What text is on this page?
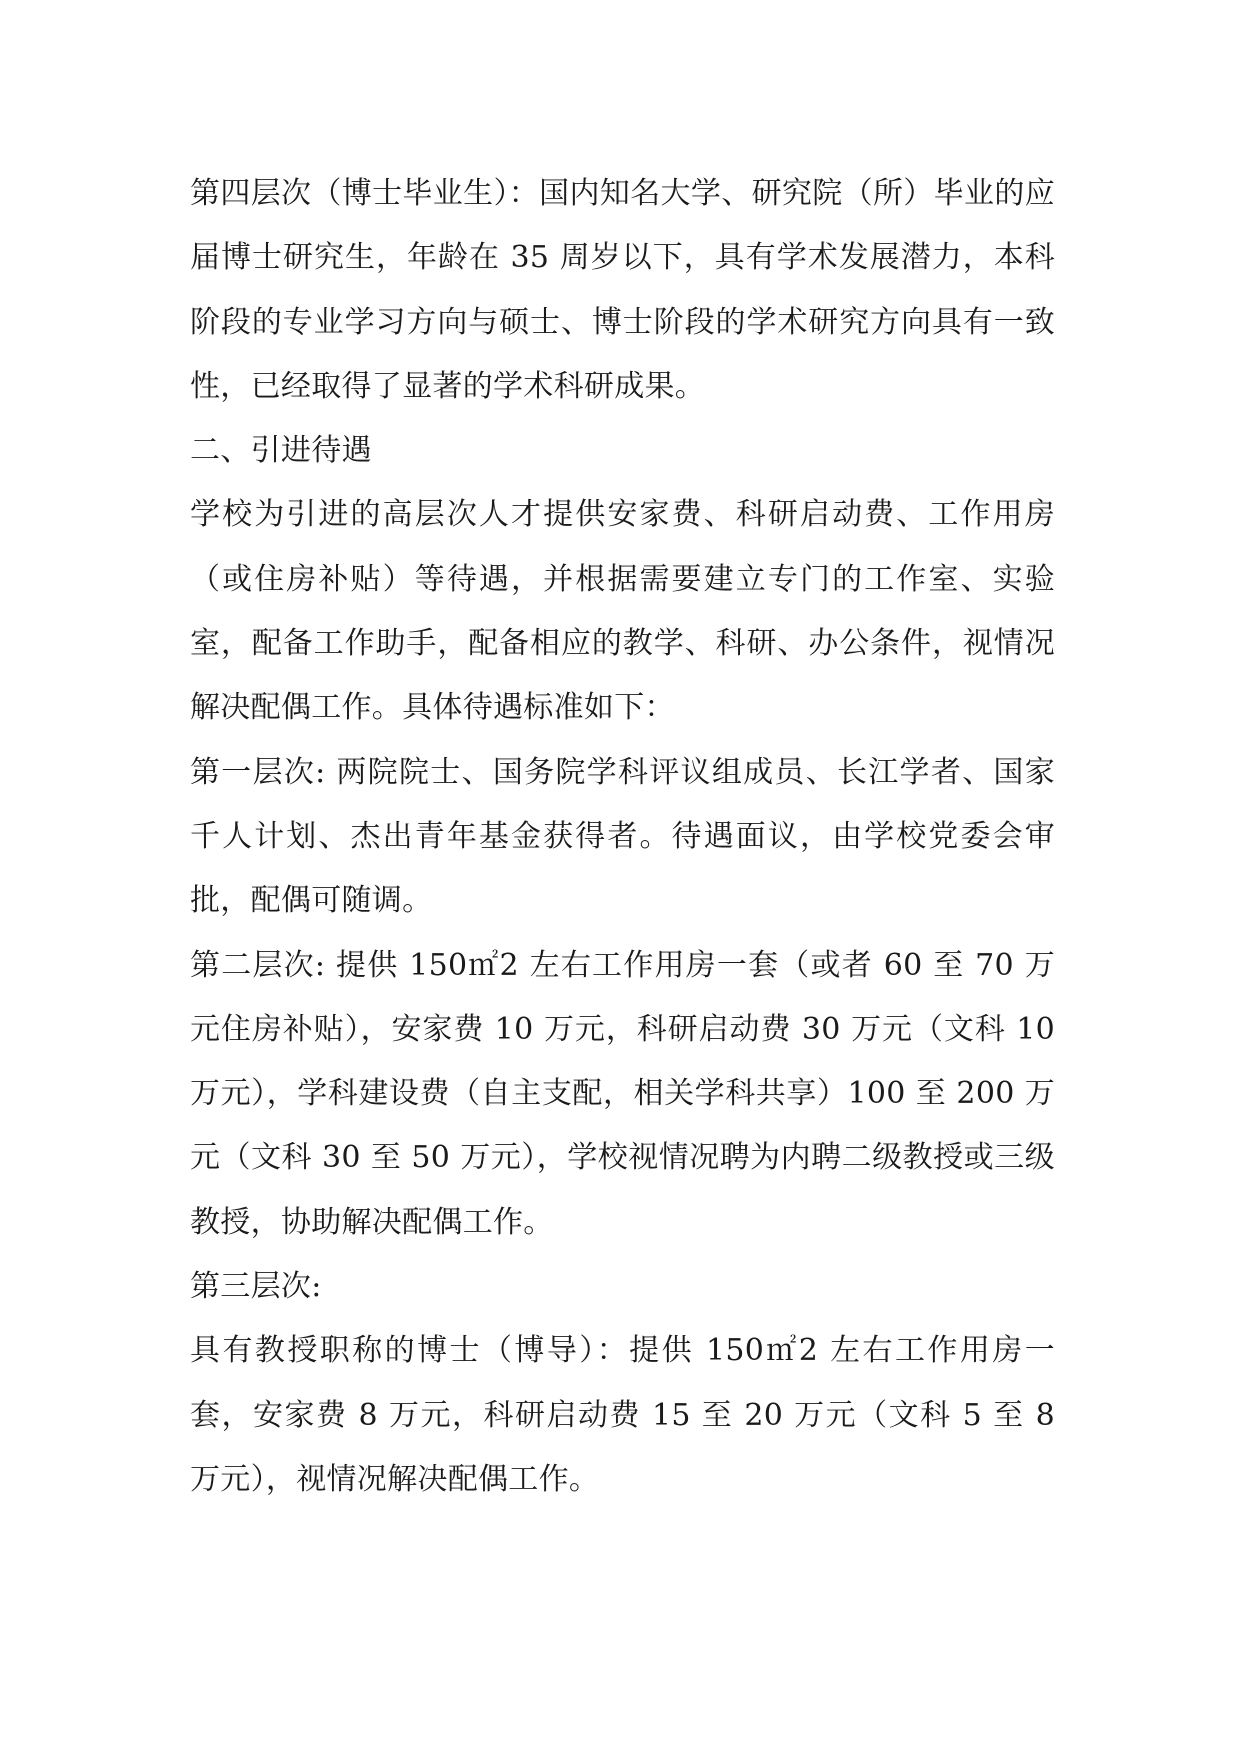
第四层次（博士毕业生）：国内知名大学、研究院（所）毕业的应届博士研究生，年龄在 35 周岁以下，具有学术发展潜力，本科阶段的专业学习方向与硕士、博士阶段的学术研究方向具有一致性，已经取得了显著的学术科研成果。

二、引进待遇

学校为引进的高层次人才提供安家费、科研启动费、工作用房（或住房补贴）等待遇，并根据需要建立专门的工作室、实验室，配备工作助手，配备相应的教学、科研、办公条件，视情况解决配偶工作。具体待遇标准如下：

第一层次: 两院院士、国务院学科评议组成员、长江学者、国家千人计划、杰出青年基金获得者。待遇面议，由学校党委会审批，配偶可随调。

第二层次: 提供 150㎡2 左右工作用房一套（或者 60 至 70 万元住房补贴），安家费 10 万元，科研启动费 30 万元（文科 10 万元），学科建设费（自主支配，相关学科共享）100 至 200 万元（文科 30 至 50 万元），学校视情况聘为内聘二级教授或三级教授，协助解决配偶工作。

第三层次:

具有教授职称的博士（博导）：提供 150㎡2 左右工作用房一套，安家费 8 万元，科研启动费 15 至 20 万元（文科 5 至 8 万元），视情况解决配偶工作。
